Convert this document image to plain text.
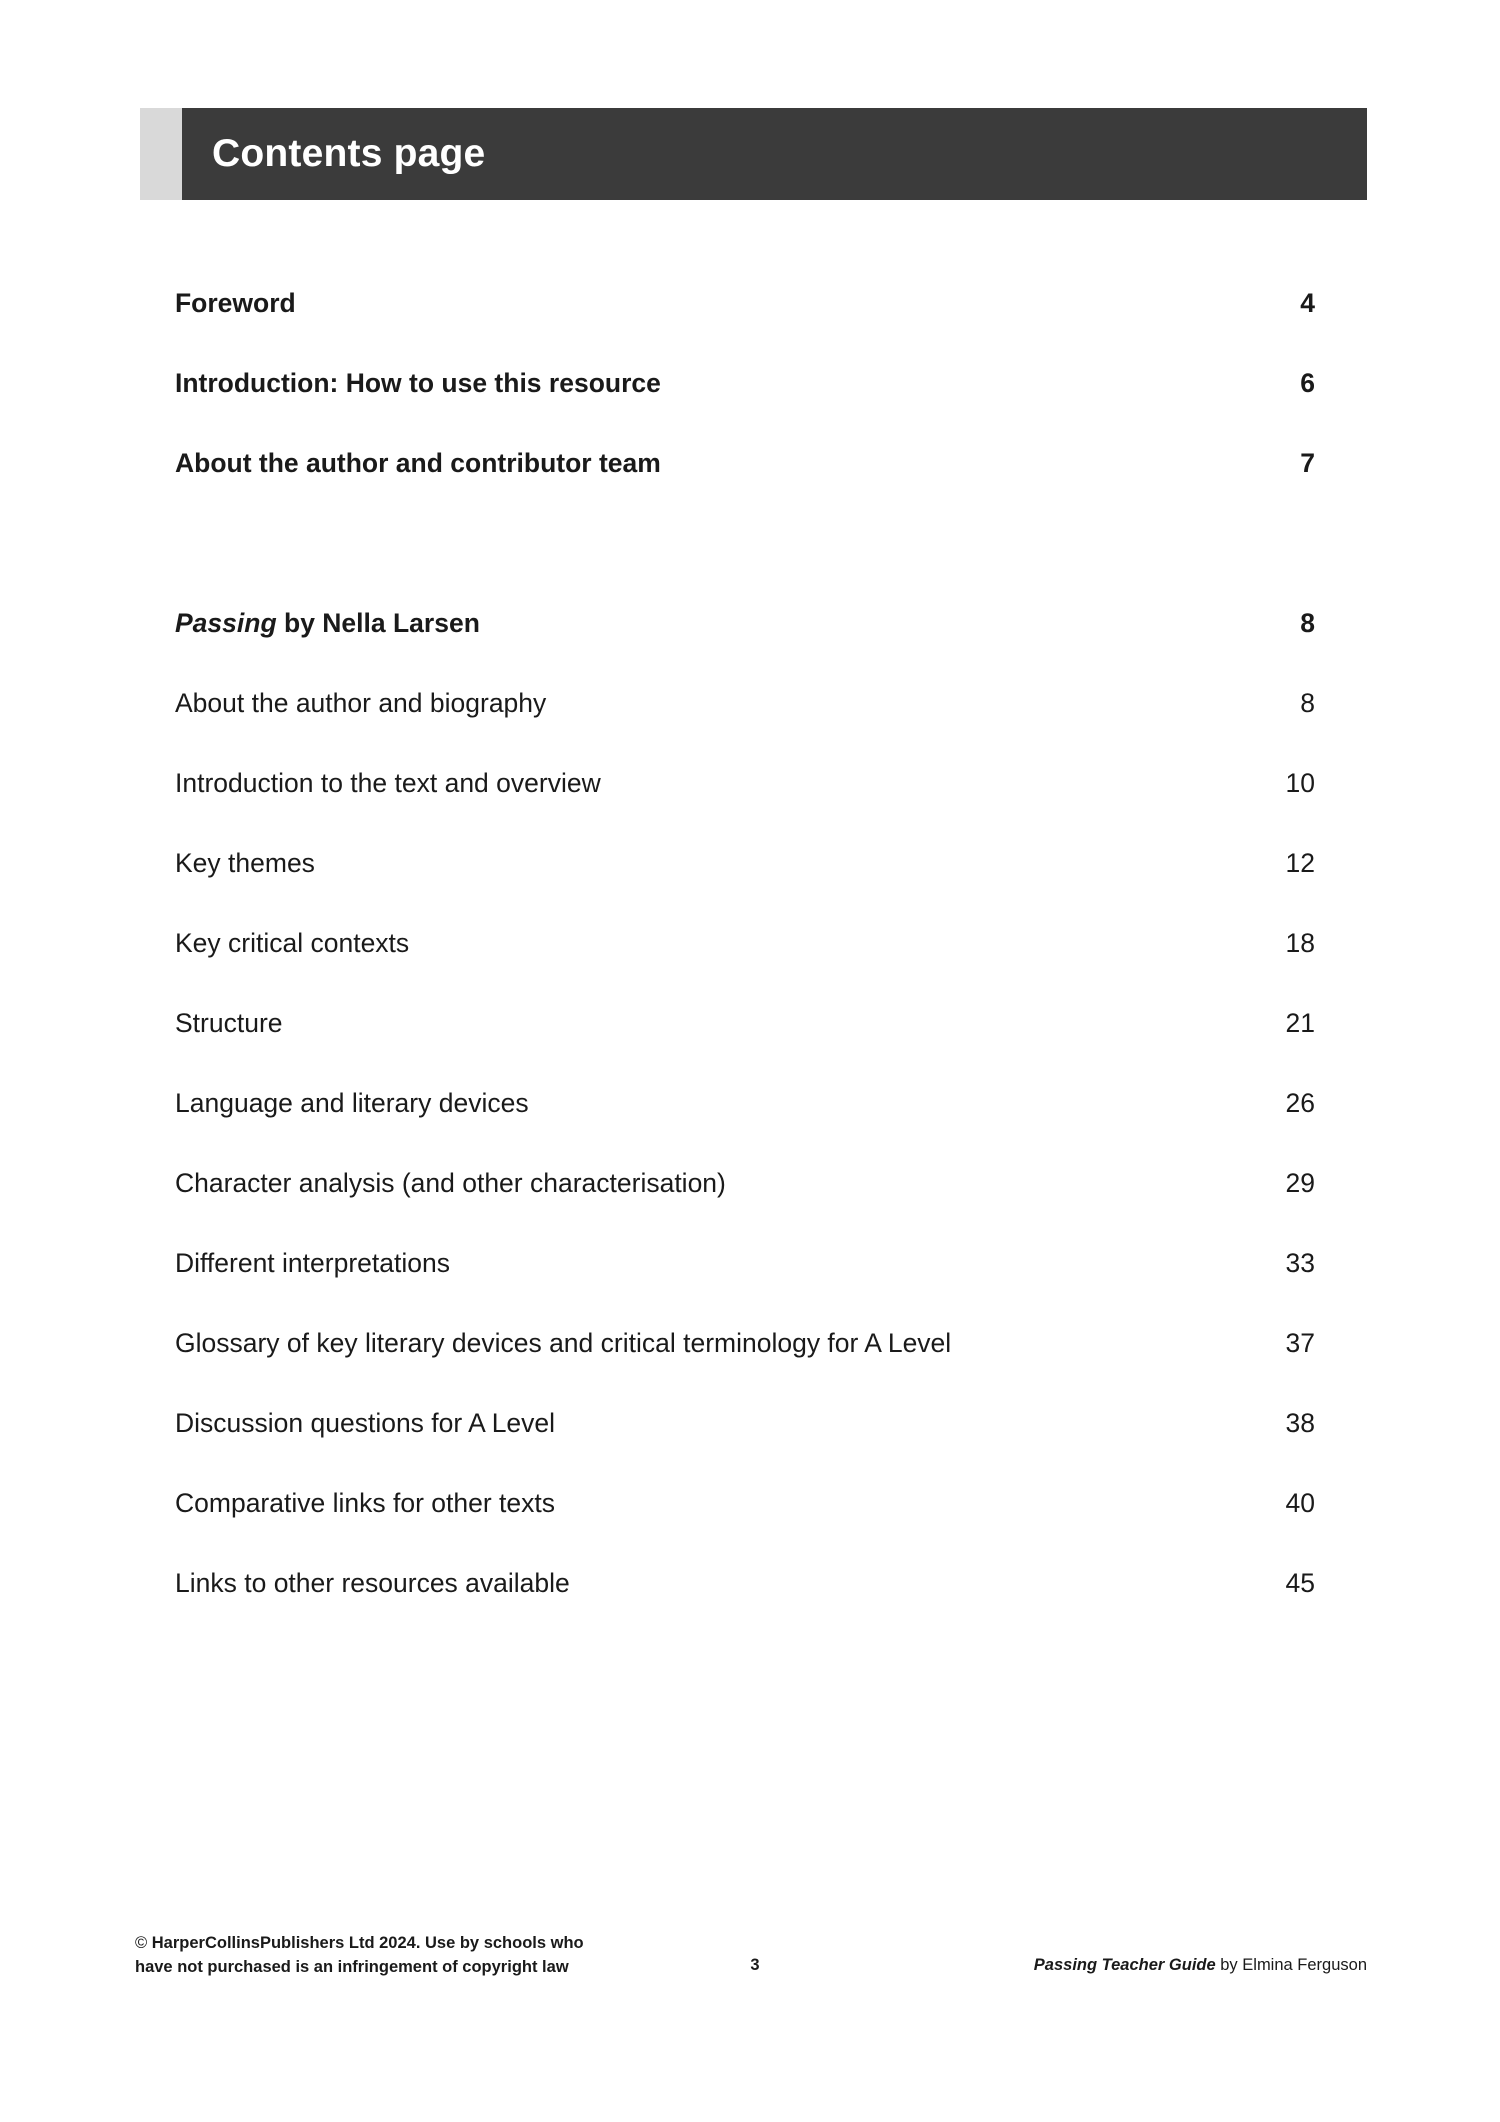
Contents page
Foreword	4
Introduction: How to use this resource	6
About the author and contributor team	7
Passing by Nella Larsen	8
About the author and biography	8
Introduction to the text and overview	10
Key themes	12
Key critical contexts	18
Structure	21
Language and literary devices	26
Character analysis (and other characterisation)	29
Different interpretations	33
Glossary of key literary devices and critical terminology for A Level	37
Discussion questions for A Level	38
Comparative links for other texts	40
Links to other resources available	45
© HarperCollinsPublishers Ltd 2024. Use by schools who
have not purchased is an infringement of copyright law	3	Passing Teacher Guide by Elmina Ferguson
